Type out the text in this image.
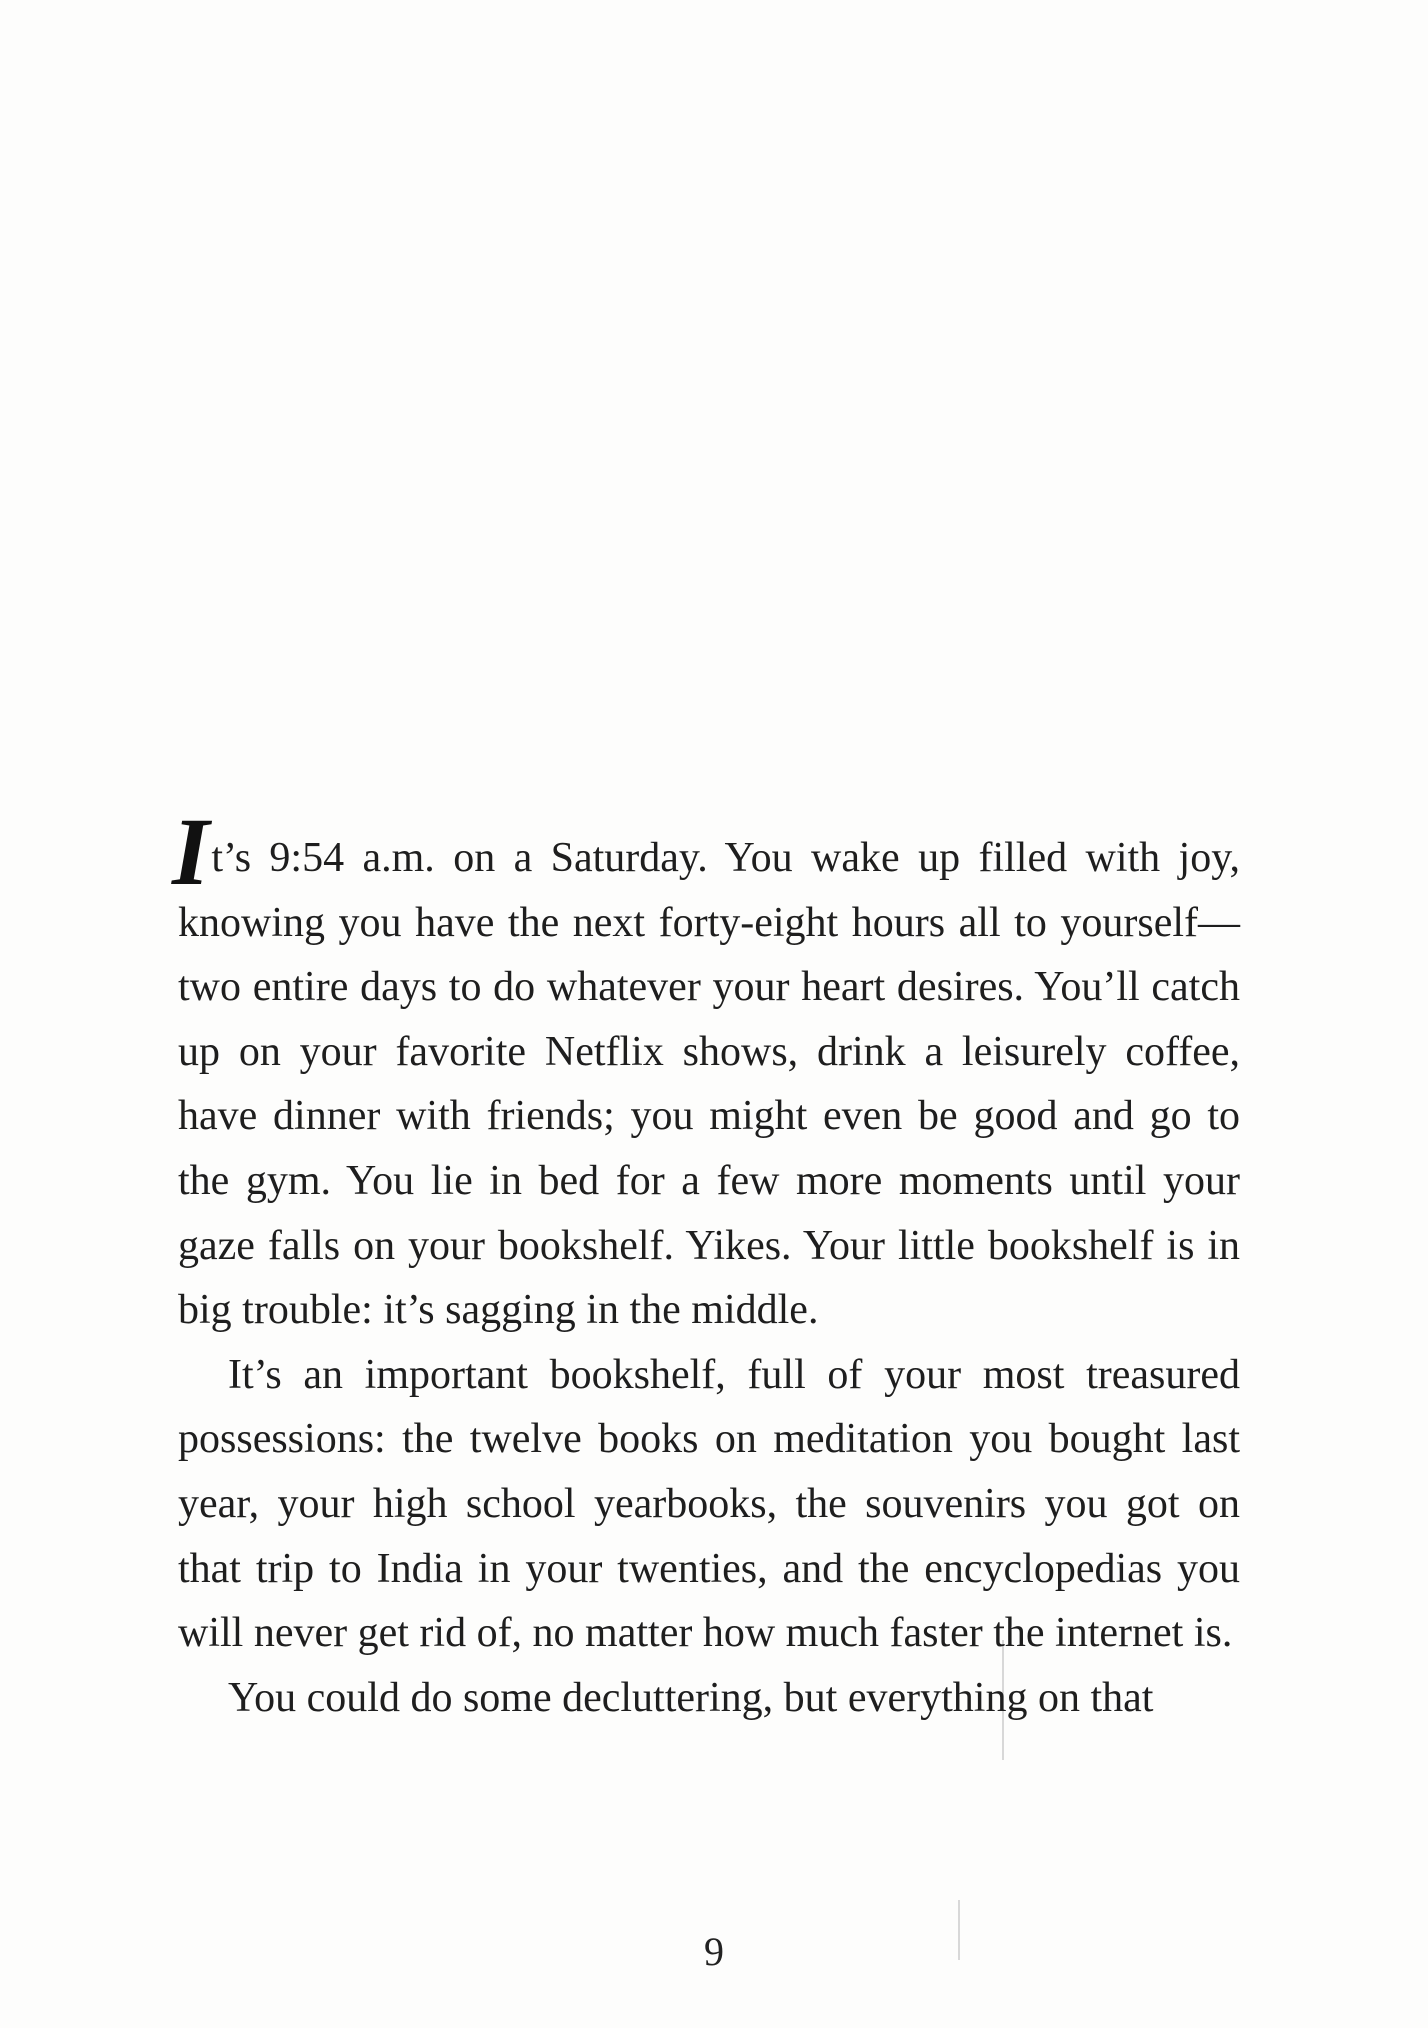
It’s 9:54 a.m. on a Saturday. You wake up filled with joy, knowing you have the next forty-eight hours all to yourself—two entire days to do whatever your heart desires. You’ll catch up on your favorite Netflix shows, drink a leisurely coffee, have dinner with friends; you might even be good and go to the gym. You lie in bed for a few more moments until your gaze falls on your bookshelf. Yikes. Your little bookshelf is in big trouble: it’s sagging in the middle.

It’s an important bookshelf, full of your most treasured possessions: the twelve books on meditation you bought last year, your high school yearbooks, the souvenirs you got on that trip to India in your twenties, and the encyclopedias you will never get rid of, no matter how much faster the internet is.

You could do some decluttering, but everything on that

9
